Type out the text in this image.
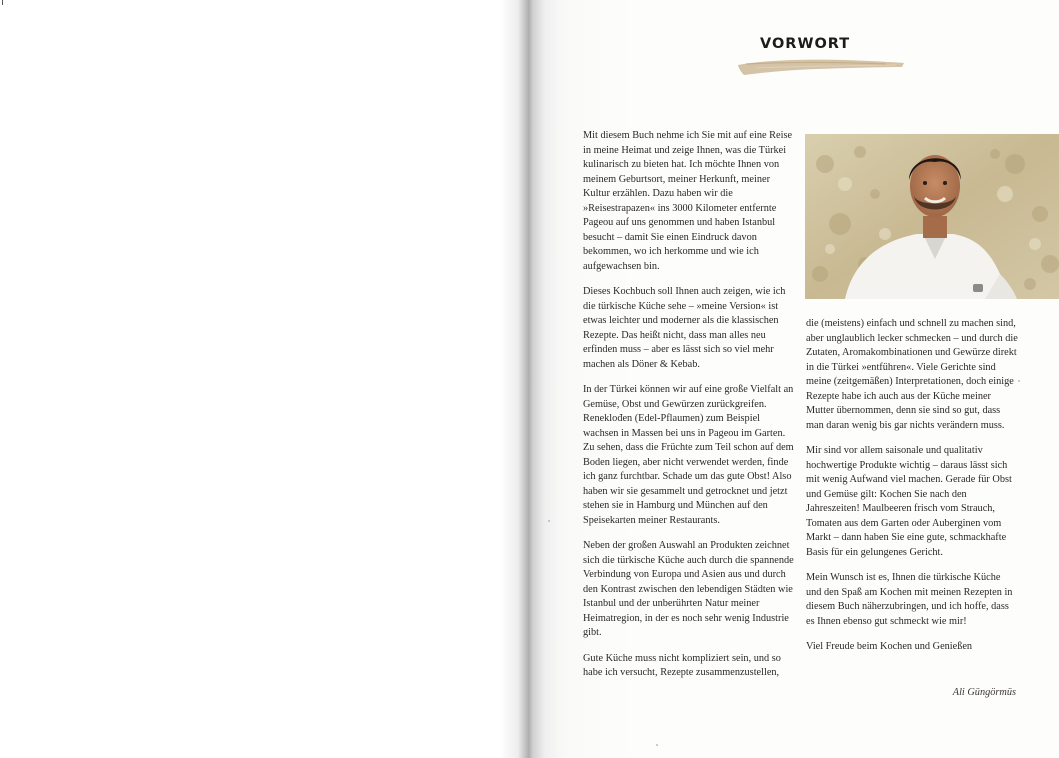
VORWORT

Mit diesem Buch nehme ich Sie mit auf eine Reise in meine Heimat und zeige Ihnen, was die Türkei kulinarisch zu bieten hat. Ich möchte Ihnen von meinem Geburtsort, meiner Herkunft, meiner Kultur erzählen. Dazu haben wir die »Reisestrapazen« ins 3000 Kilometer entfernte Pageou auf uns genommen und haben Istanbul besucht – damit Sie einen Eindruck davon bekommen, wo ich herkomme und wie ich aufgewachsen bin.

Dieses Kochbuch soll Ihnen auch zeigen, wie ich die türkische Küche sehe – »meine Version« ist etwas leichter und moderner als die klassischen Rezepte. Das heißt nicht, dass man alles neu erfinden muss – aber es lässt sich so viel mehr machen als Döner & Kebab.

In der Türkei können wir auf eine große Vielfalt an Gemüse, Obst und Gewürzen zurückgreifen. Reneklođen (Edel-Pflaumen) zum Beispiel wachsen in Massen bei uns in Pageou im Garten. Zu sehen, dass die Früchte zum Teil schon auf dem Boden liegen, aber nicht verwendet werden, finde ich ganz furchtbar. Schade um das gute Obst! Also haben wir sie gesammelt und getrocknet und jetzt stehen sie in Hamburg und München auf den Speisekarten meiner Restaurants.

Neben der großen Auswahl an Produkten zeichnet sich die türkische Küche auch durch die spannende Verbindung von Europa und Asien aus und durch den Kontrast zwischen den lebendigen Städten wie Istanbul und der unberührten Natur meiner Heimatregion, in der es noch sehr wenig Industrie gibt.

Gute Küche muss nicht kompliziert sein, und so habe ich versucht, Rezepte zusammenzustellen,

die (meistens) einfach und schnell zu machen sind, aber unglaublich lecker schmecken – und durch die Zutaten, Aromakombinationen und Gewürze direkt in die Türkei »entführen«. Viele Gerichte sind meine (zeitgemäßen) Interpretationen, doch einige Rezepte habe ich auch aus der Küche meiner Mutter übernommen, denn sie sind so gut, dass man daran wenig bis gar nichts verändern muss.

Mir sind vor allem saisonale und qualitativ hochwertige Produkte wichtig – daraus lässt sich mit wenig Aufwand viel machen. Gerade für Obst und Gemüse gilt: Kochen Sie nach den Jahreszeiten! Maulbeeren frisch vom Strauch, Tomaten aus dem Garten oder Auberginen vom Markt – dann haben Sie eine gute, schmackhafte Basis für ein gelungenes Gericht.

Mein Wunsch ist es, Ihnen die türkische Küche und den Spaß am Kochen mit meinen Rezepten in diesem Buch näherzubringen, und ich hoffe, dass es Ihnen ebenso gut schmeckt wie mir!

Viel Freude beim Kochen und Genießen

Ali Güngörmüs
